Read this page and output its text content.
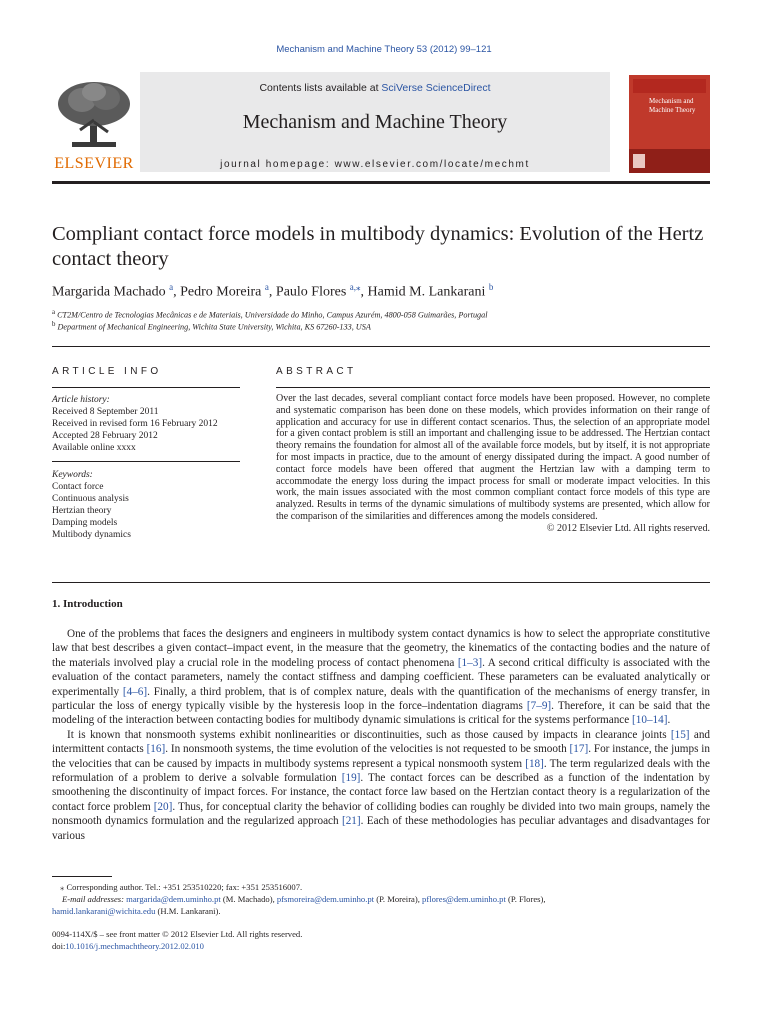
Mechanism and Machine Theory 53 (2012) 99–121
Contents lists available at SciVerse ScienceDirect
Mechanism and Machine Theory
journal homepage: www.elsevier.com/locate/mechmt
ELSEVIER
Mechanism and Machine Theory
Compliant contact force models in multibody dynamics: Evolution of the Hertz contact theory
Margarida Machado $^a$, Pedro Moreira $^a$, Paulo Flores $^{a,⁎}$, Hamid M. Lankarani $^b$
$^a$ CT2M/Centro de Tecnologias Mecânicas e de Materiais, Universidade do Minho, Campus Azurém, 4800-058 Guimarães, Portugal
$^b$ Department of Mechanical Engineering, Wichita State University, Wichita, KS 67260-133, USA
ARTICLE INFO
Article history:
Received 8 September 2011
Received in revised form 16 February 2012
Accepted 28 February 2012
Available online xxxx
Keywords:
Contact force
Continuous analysis
Hertzian theory
Damping models
Multibody dynamics
ABSTRACT
Over the last decades, several compliant contact force models have been proposed. However, no complete and systematic comparison has been done on these models, which provides information on their range of application and accuracy for use in different contact scenarios. Thus, the selection of an appropriate model for a given contact problem is still an important and challenging issue to be addressed. The Hertzian contact theory remains the foundation for almost all of the available force models, but by itself, it is not appropriate for most impacts in practice, due to the amount of energy dissipated during the impact. A good number of contact force models have been offered that augment the Hertzian law with a damping term to accommodate the energy loss during the impact process for small or moderate impact velocities. In this work, the main issues associated with the most common compliant contact force models of this type are analyzed. Results in terms of the dynamic simulations of multibody systems are presented, which allow for the comparison of the similarities and differences among the models considered.
© 2012 Elsevier Ltd. All rights reserved.
1. Introduction

One of the problems that faces the designers and engineers in multibody system contact dynamics is how to select the appropriate constitutive law that best describes a given contact–impact event, in the measure that the geometry, the kinematics of the contacting bodies and the nature of the materials involved play a crucial role in the modeling process of contact phenomena [1–3]. A second critical difficulty is associated with the evaluation of the contact parameters, namely the contact stiffness and damping coefficient. These parameters can be evaluated analytically or experimentally [4–6]. Finally, a third problem, that is of complex nature, deals with the quantification of the mechanisms of energy transfer, in particular the loss of energy typically visible by the hysteresis loop in the force–indentation diagrams [7–9]. Therefore, it can be said that the modeling of the interaction between contacting bodies for multibody dynamic simulations is critical for the systems performance [10–14].

It is known that nonsmooth systems exhibit nonlinearities or discontinuities, such as those caused by impacts in clearance joints [15] and intermittent contacts [16]. In nonsmooth systems, the time evolution of the velocities is not requested to be smooth [17]. For instance, the jumps in the velocities that can be caused by impacts in multibody systems represent a typical nonsmooth system [18]. The term regularized deals with the reformulation of a problem to derive a solvable formulation [19]. The contact forces can be described as a function of the indentation by smoothening the discontinuity of impact forces. For instance, the contact force law based on the Hertzian contact theory is a regularization of the contact force problem [20]. Thus, for conceptual clarity the behavior of colliding bodies can roughly be divided into two main groups, namely the nonsmooth dynamics formulation and the regularized approach [21]. Each of these methodologies has peculiar advantages and disadvantages for various

⁎ Corresponding author. Tel.: +351 253510220; fax: +351 253516007.
E-mail addresses: margarida@dem.uminho.pt (M. Machado), pfsmoreira@dem.uminho.pt (P. Moreira), pflores@dem.uminho.pt (P. Flores),
hamid.lankarani@wichita.edu (H.M. Lankarani).
0094-114X/$ – see front matter © 2012 Elsevier Ltd. All rights reserved.
doi:10.1016/j.mechmachtheory.2012.02.010
